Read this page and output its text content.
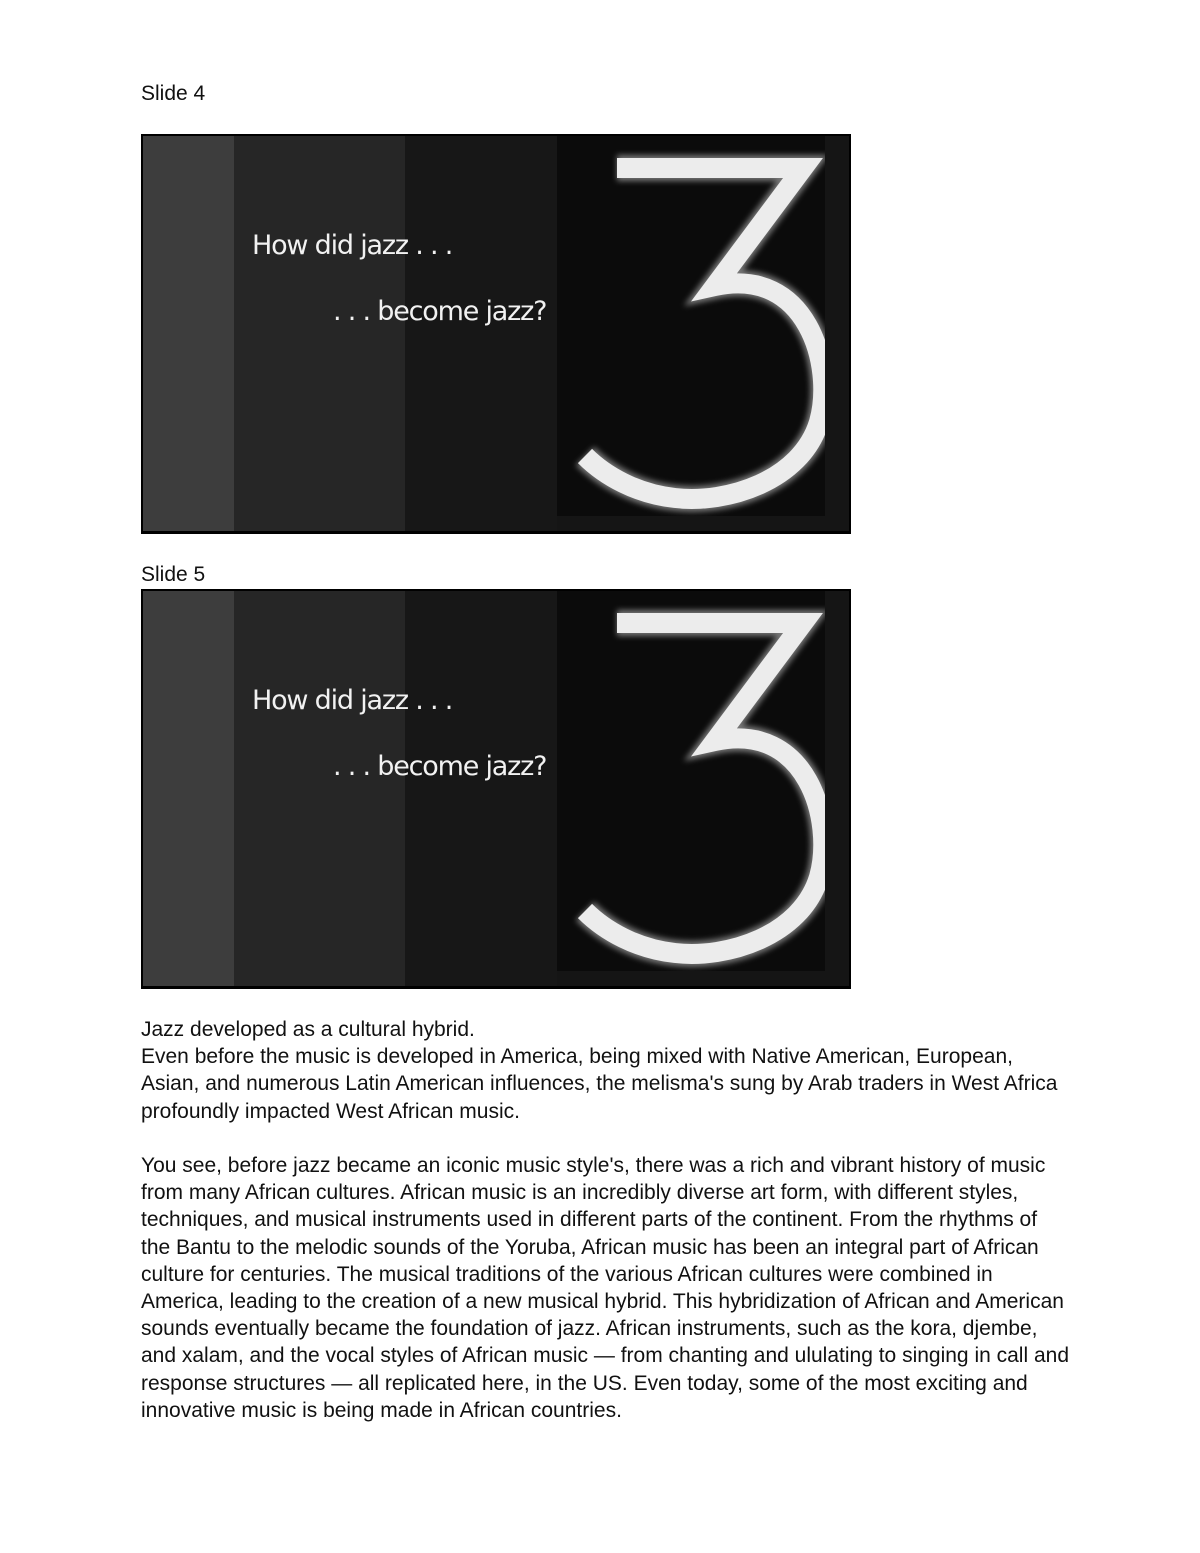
Slide 4
How did jazz . . .
. . . become jazz?
Slide 5
How did jazz . . .
. . . become jazz?

Jazz developed as a cultural hybrid.

Even before the music is developed in America, being mixed with Native American, European, Asian, and numerous Latin American influences, the melisma's sung by Arab traders in West Africa profoundly impacted West African music.

You see, before jazz became an iconic music style's, there was a rich and vibrant history of music from many African cultures. African music is an incredibly diverse art form, with different styles, techniques, and musical instruments used in different parts of the continent. From the rhythms of the Bantu to the melodic sounds of the Yoruba, African music has been an integral part of African culture for centuries. The musical traditions of the various African cultures were combined in America, leading to the creation of a new musical hybrid. This hybridization of African and American sounds eventually became the foundation of jazz. African instruments, such as the kora, djembe, and xalam, and the vocal styles of African music — from chanting and ululating to singing in call and response structures — all replicated here, in the US. Even today, some of the most exciting and innovative music is being made in African countries.
